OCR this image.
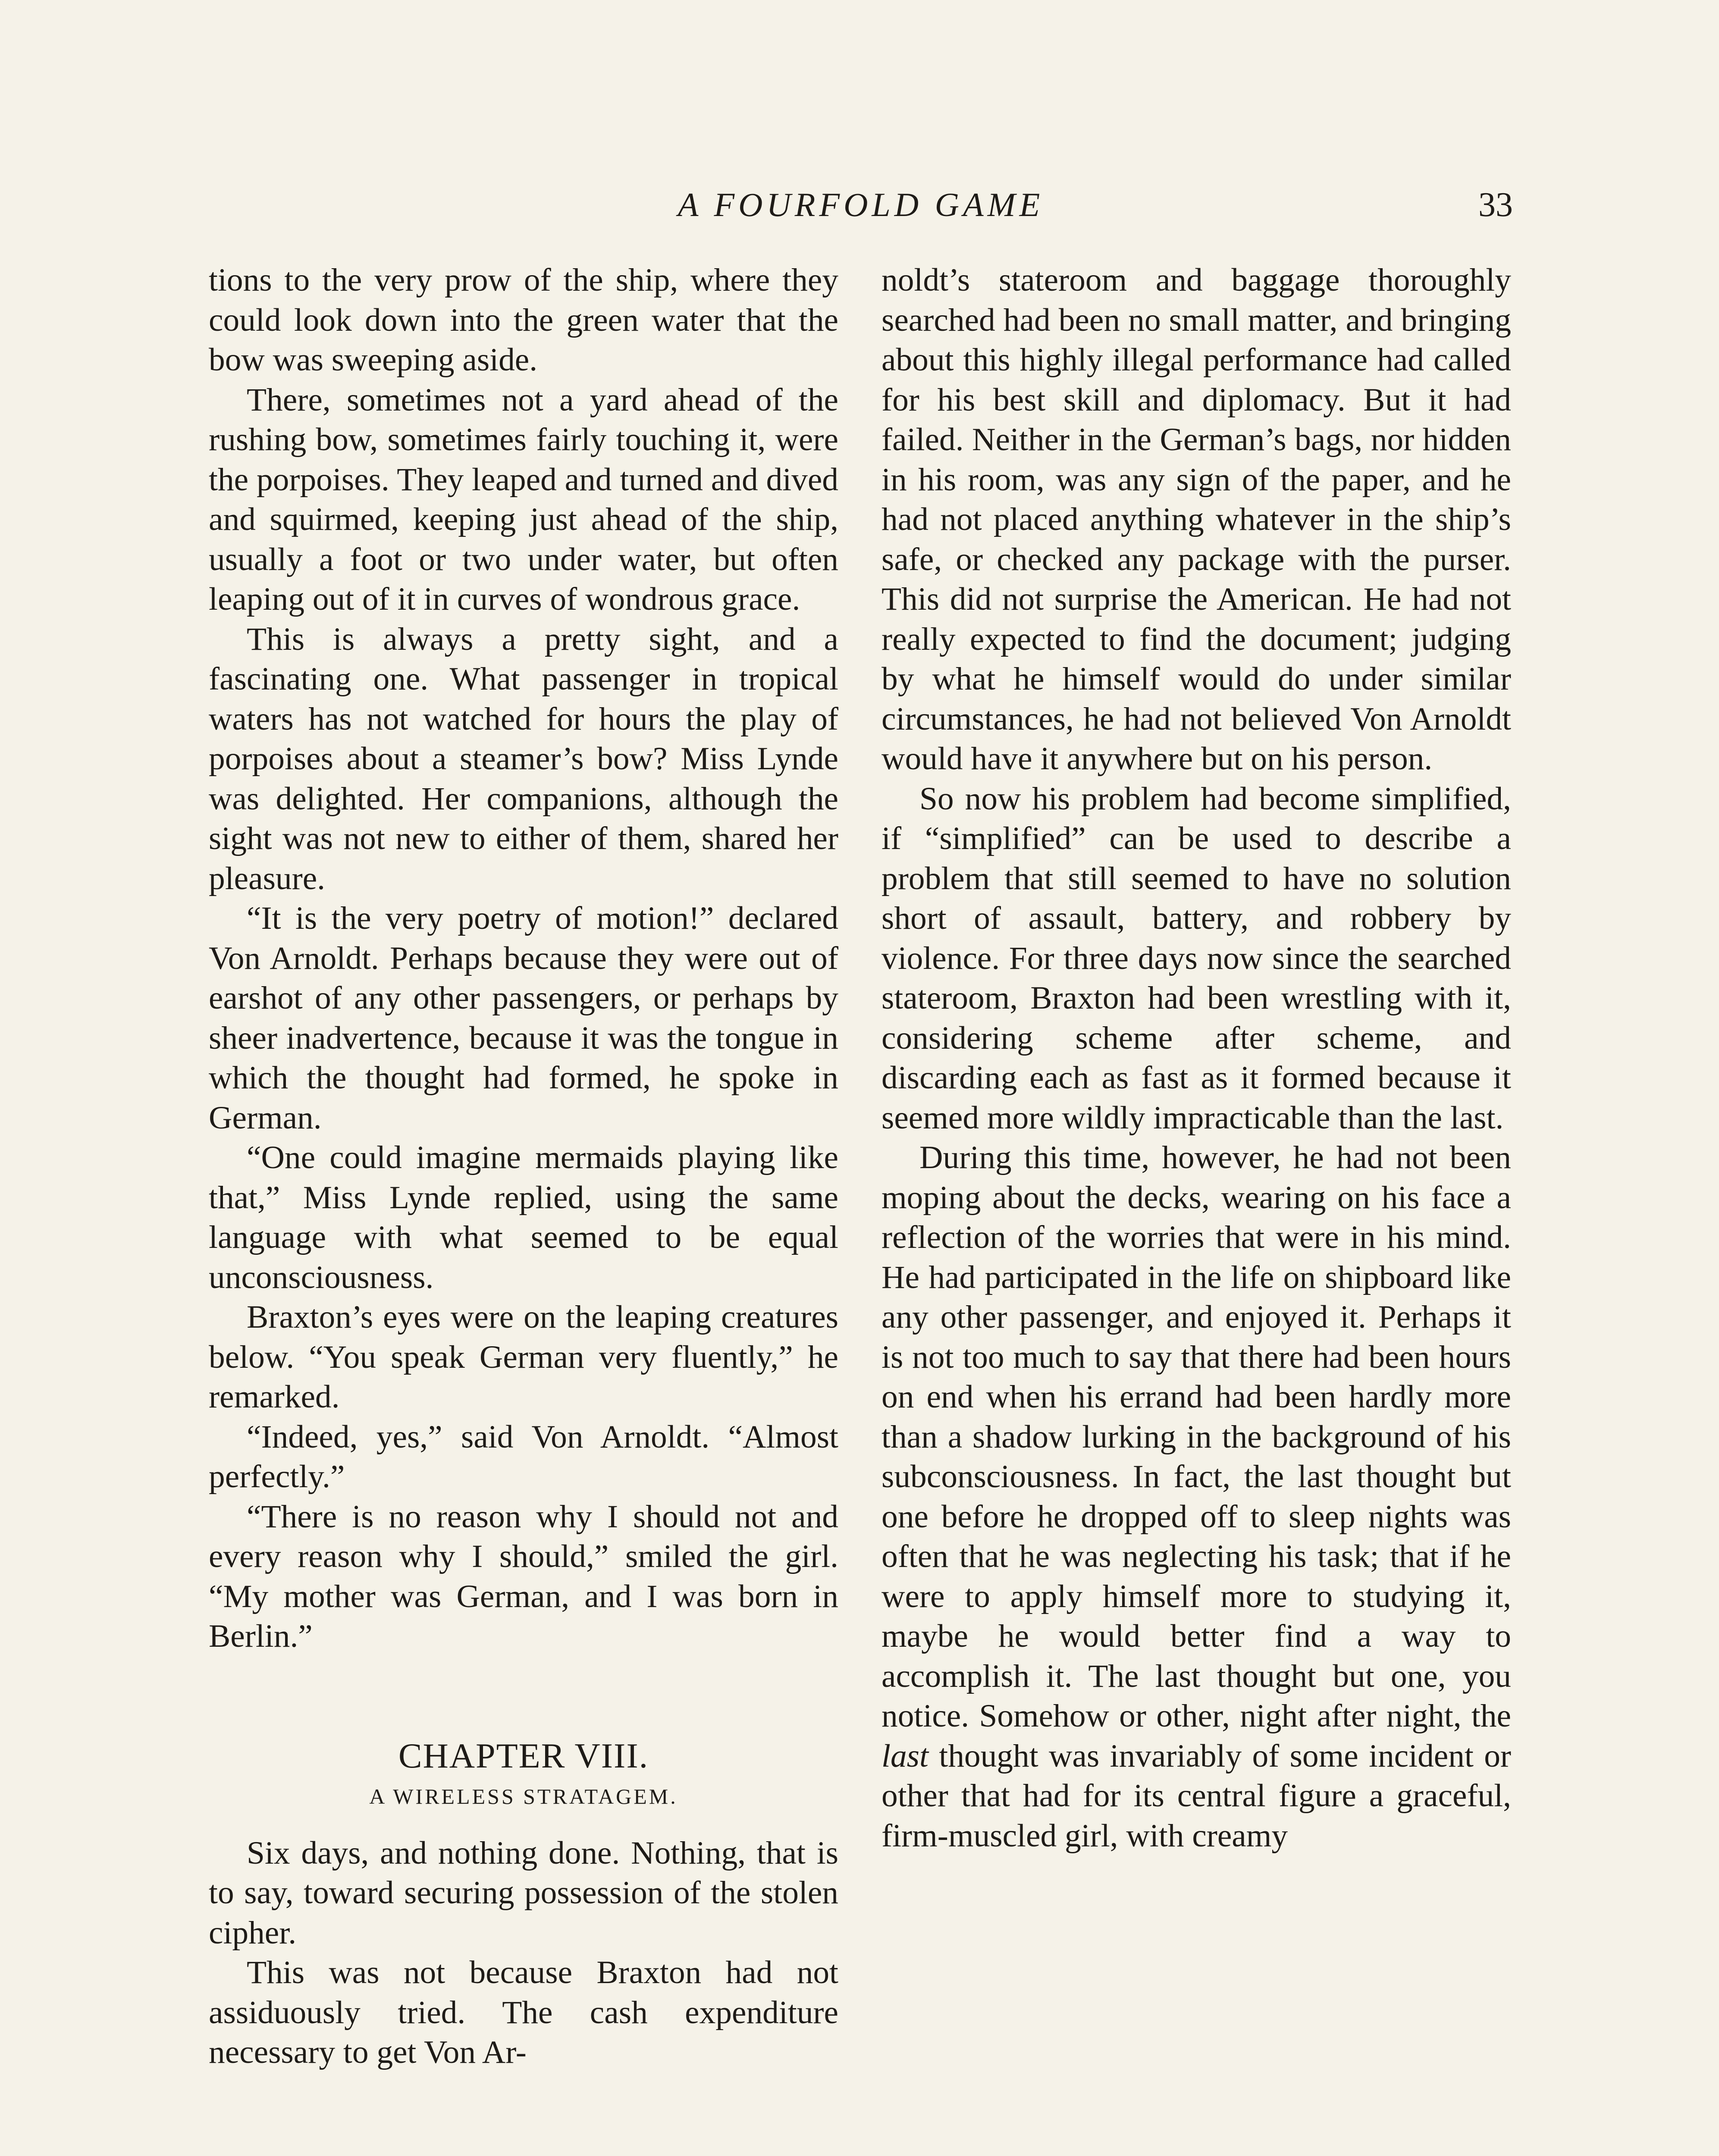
A FOURFOLD GAME	33

tions to the very prow of the ship, where they could look down into the green water that the bow was sweeping aside.

There, sometimes not a yard ahead of the rushing bow, sometimes fairly touching it, were the porpoises. They leaped and turned and dived and squirmed, keeping just ahead of the ship, usually a foot or two under water, but often leaping out of it in curves of wondrous grace.

This is always a pretty sight, and a fascinating one. What passenger in tropical waters has not watched for hours the play of porpoises about a steamer’s bow? Miss Lynde was delighted. Her companions, although the sight was not new to either of them, shared her pleasure.

“It is the very poetry of motion!” declared Von Arnoldt. Perhaps because they were out of earshot of any other passengers, or perhaps by sheer inadvertence, because it was the tongue in which the thought had formed, he spoke in German.

“One could imagine mermaids playing like that,” Miss Lynde replied, using the same language with what seemed to be equal unconsciousness.

Braxton’s eyes were on the leaping creatures below. “You speak German very fluently,” he remarked.

“Indeed, yes,” said Von Arnoldt. “Almost perfectly.”

“There is no reason why I should not and every reason why I should,” smiled the girl. “My mother was German, and I was born in Berlin.”

CHAPTER VIII.
A WIRELESS STRATAGEM.

Six days, and nothing done. Nothing, that is to say, toward securing possession of the stolen cipher.

This was not because Braxton had not assiduously tried. The cash expenditure necessary to get Von Ar-

noldt’s stateroom and baggage thoroughly searched had been no small matter, and bringing about this highly illegal performance had called for his best skill and diplomacy. But it had failed. Neither in the German’s bags, nor hidden in his room, was any sign of the paper, and he had not placed anything whatever in the ship’s safe, or checked any package with the purser. This did not surprise the American. He had not really expected to find the document; judging by what he himself would do under similar circumstances, he had not believed Von Arnoldt would have it anywhere but on his person.

So now his problem had become simplified, if “simplified” can be used to describe a problem that still seemed to have no solution short of assault, battery, and robbery by violence. For three days now since the searched stateroom, Braxton had been wrestling with it, considering scheme after scheme, and discarding each as fast as it formed because it seemed more wildly impracticable than the last.

During this time, however, he had not been moping about the decks, wearing on his face a reflection of the worries that were in his mind. He had participated in the life on shipboard like any other passenger, and enjoyed it. Perhaps it is not too much to say that there had been hours on end when his errand had been hardly more than a shadow lurking in the background of his subconsciousness. In fact, the last thought but one before he dropped off to sleep nights was often that he was neglecting his task; that if he were to apply himself more to studying it, maybe he would better find a way to accomplish it. The last thought but one, you notice. Somehow or other, night after night, the last thought was invariably of some incident or other that had for its central figure a graceful, firm-muscled girl, with creamy
